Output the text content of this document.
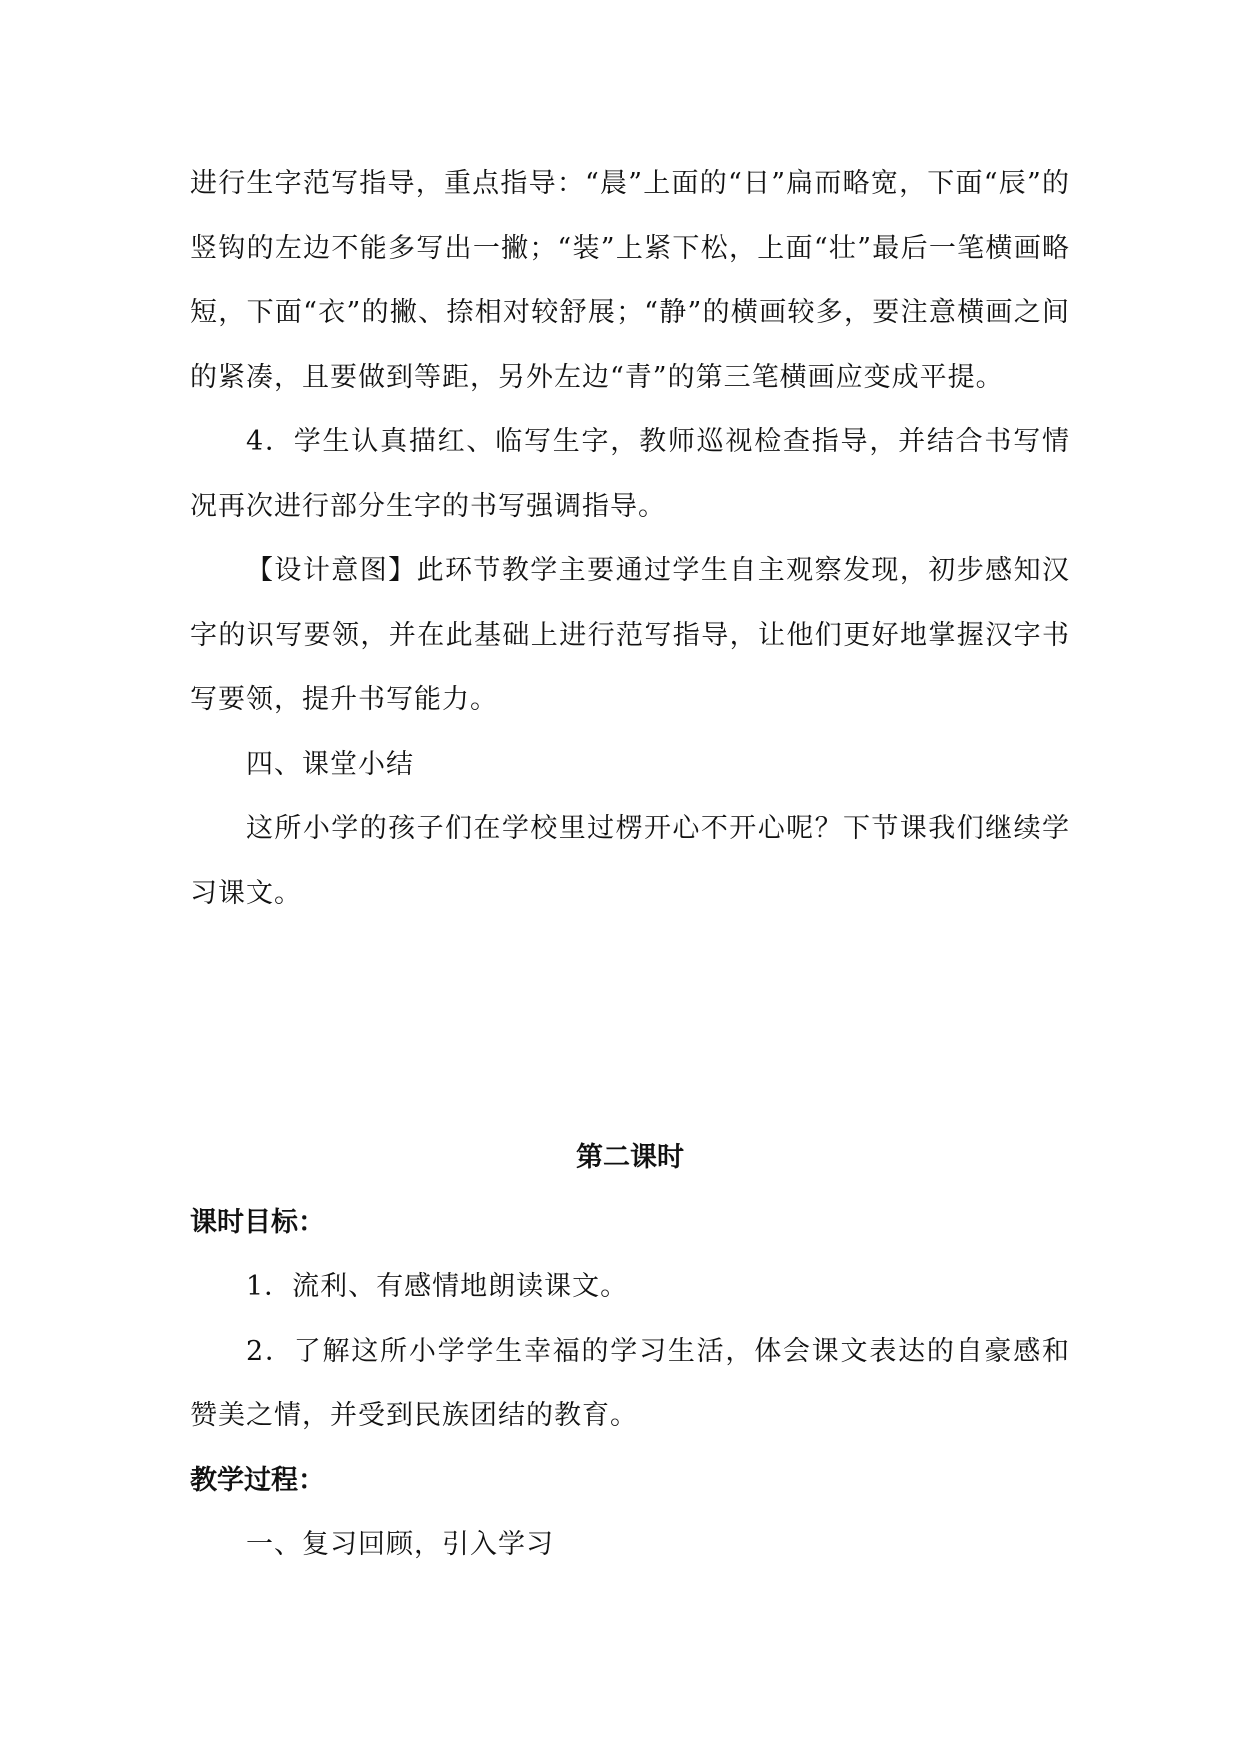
进行生字范写指导，重点指导：“晨”上面的“日”扁而略宽，下面“辰”的竖钩的左边不能多写出一撇；“装”上紧下松，上面“壮”最后一笔横画略短，下面“衣”的撇、捺相对较舒展；“静”的横画较多，要注意横画之间的紧凑，且要做到等距，另外左边“青”的第三笔横画应变成平提。

4．学生认真描红、临写生字，教师巡视检查指导，并结合书写情况再次进行部分生字的书写强调指导。

【设计意图】此环节教学主要通过学生自主观察发现，初步感知汉字的识写要领，并在此基础上进行范写指导，让他们更好地掌握汉字书写要领，提升书写能力。

四、课堂小结

这所小学的孩子们在学校里过楞开心不开心呢？下节课我们继续学习课文。

第二课时

课时目标：

1．流利、有感情地朗读课文。

2．了解这所小学学生幸福的学习生活，体会课文表达的自豪感和赞美之情，并受到民族团结的教育。

教学过程：

一、复习回顾，引入学习
